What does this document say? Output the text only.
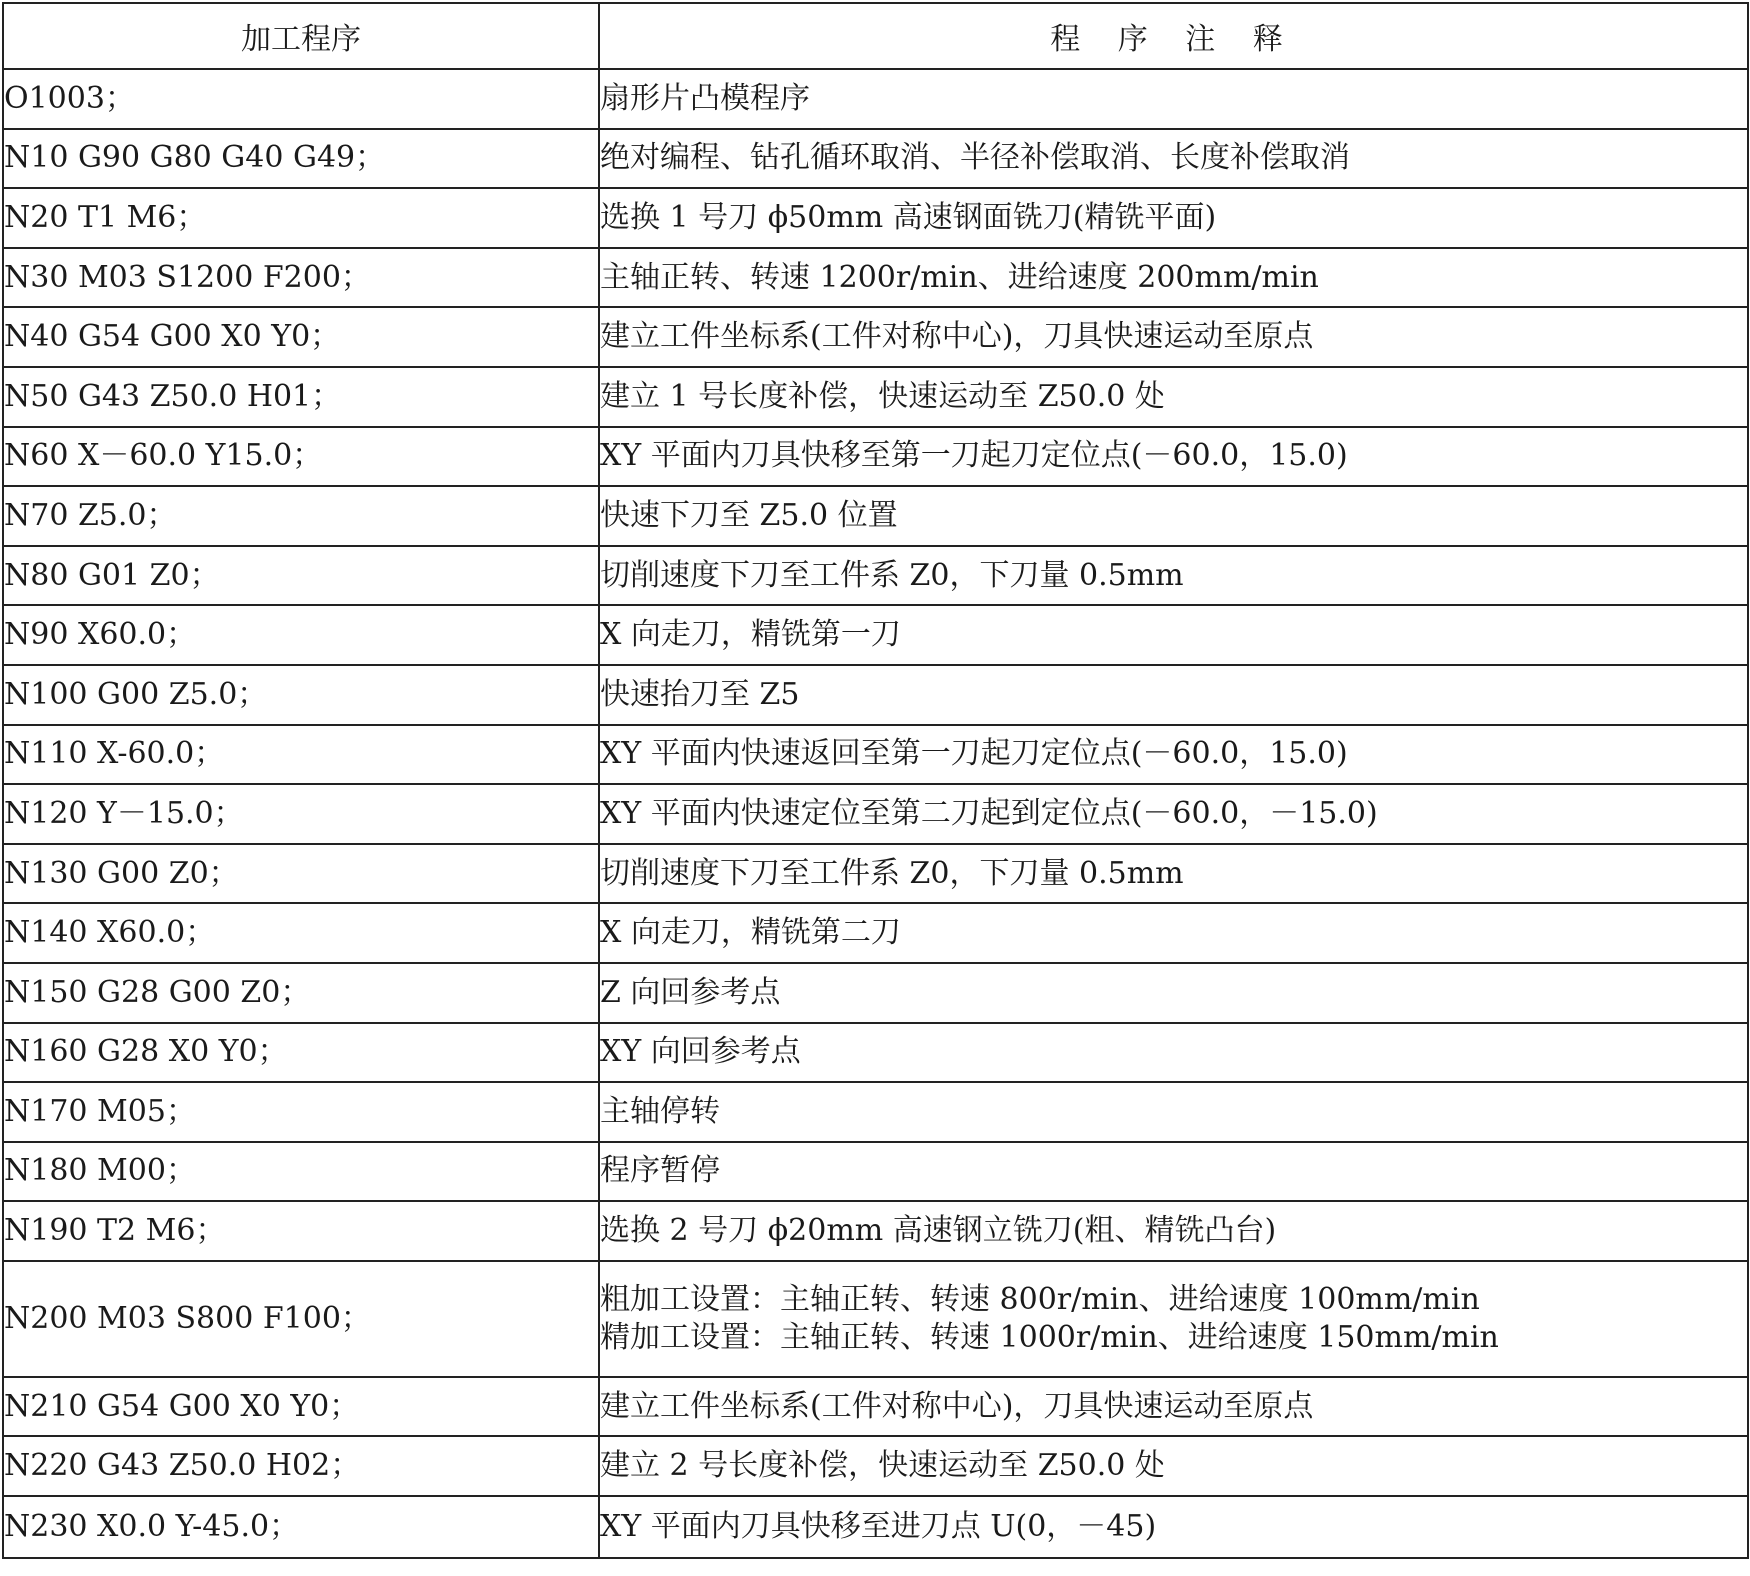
加工程序	程 序 注 释
O1003；	扇形片凸模程序

N10 G90 G80 G40 G49；	绝对编程、钻孔循环取消、半径补偿取消、长度补偿取消

N20 T1 M6；	选换 1 号刀 ϕ50mm 高速钢面铣刀(精铣平面)

N30 M03 S1200 F200；	主轴正转、转速 1200r/min、进给速度 200mm/min

N40 G54 G00 X0 Y0；	建立工件坐标系(工件对称中心)，刀具快速运动至原点

N50 G43 Z50.0 H01；	建立 1 号长度补偿，快速运动至 Z50.0 处

N60 X－60.0 Y15.0；	XY 平面内刀具快移至第一刀起刀定位点(－60.0，15.0)

N70 Z5.0；	快速下刀至 Z5.0 位置

N80 G01 Z0；	切削速度下刀至工件系 Z0，下刀量 0.5mm

N90 X60.0；	X 向走刀，精铣第一刀

N100 G00 Z5.0；	快速抬刀至 Z5

N110 X-60.0；	XY 平面内快速返回至第一刀起刀定位点(－60.0，15.0)

N120 Y－15.0；	XY 平面内快速定位至第二刀起到定位点(－60.0，－15.0)

N130 G00 Z0；	切削速度下刀至工件系 Z0，下刀量 0.5mm

N140 X60.0；	X 向走刀，精铣第二刀

N150 G28 G00 Z0；	Z 向回参考点

N160 G28 X0 Y0；	XY 向回参考点

N170 M05；	主轴停转

N180 M00；	程序暂停

N190 T2 M6；	选换 2 号刀 ϕ20mm 高速钢立铣刀(粗、精铣凸台)

N200 M03 S800 F100；	粗加工设置：主轴正转、转速 800r/min、进给速度 100mm/min
精加工设置：主轴正转、转速 1000r/min、进给速度 150mm/min

N210 G54 G00 X0 Y0；	建立工件坐标系(工件对称中心)，刀具快速运动至原点

N220 G43 Z50.0 H02；	建立 2 号长度补偿，快速运动至 Z50.0 处

N230 X0.0 Y-45.0；	XY 平面内刀具快移至进刀点 U(0，－45)
